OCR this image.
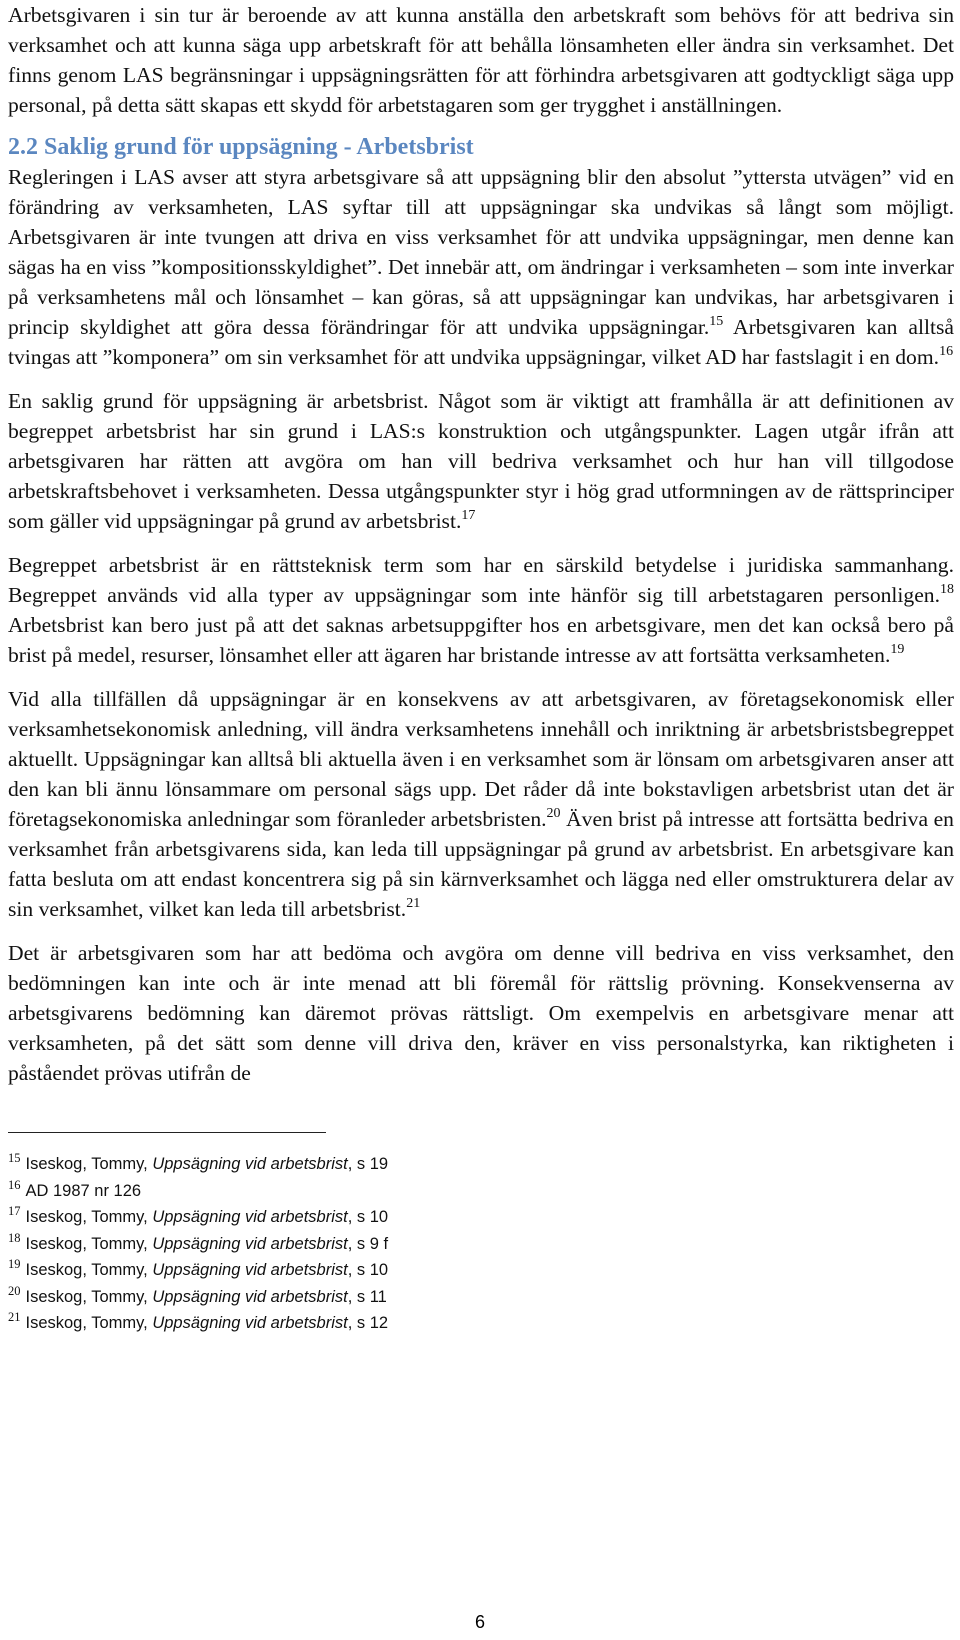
Arbetsgivaren i sin tur är beroende av att kunna anställa den arbetskraft som behövs för att bedriva sin verksamhet och att kunna säga upp arbetskraft för att behålla lönsamheten eller ändra sin verksamhet. Det finns genom LAS begränsningar i uppsägningsrätten för att förhindra arbetsgivaren att godtyckligt säga upp personal, på detta sätt skapas ett skydd för arbetstagaren som ger trygghet i anställningen.

2.2 Saklig grund för uppsägning - Arbetsbrist

Regleringen i LAS avser att styra arbetsgivare så att uppsägning blir den absolut ”yttersta utvägen” vid en förändring av verksamheten, LAS syftar till att uppsägningar ska undvikas så långt som möjligt. Arbetsgivaren är inte tvungen att driva en viss verksamhet för att undvika uppsägningar, men denne kan sägas ha en viss ”kompositionsskyldighet”. Det innebär att, om ändringar i verksamheten – som inte inverkar på verksamhetens mål och lönsamhet – kan göras, så att uppsägningar kan undvikas, har arbetsgivaren i princip skyldighet att göra dessa förändringar för att undvika uppsägningar.$^{15}$ Arbetsgivaren kan alltså tvingas att ”komponera” om sin verksamhet för att undvika uppsägningar, vilket AD har fastslagit i en dom.$^{16}$

En saklig grund för uppsägning är arbetsbrist. Något som är viktigt att framhålla är att definitionen av begreppet arbetsbrist har sin grund i LAS:s konstruktion och utgångspunkter. Lagen utgår ifrån att arbetsgivaren har rätten att avgöra om han vill bedriva verksamhet och hur han vill tillgodose arbetskraftsbehovet i verksamheten. Dessa utgångspunkter styr i hög grad utformningen av de rättsprinciper som gäller vid uppsägningar på grund av arbetsbrist.$^{17}$

Begreppet arbetsbrist är en rättsteknisk term som har en särskild betydelse i juridiska sammanhang. Begreppet används vid alla typer av uppsägningar som inte hänför sig till arbetstagaren personligen.$^{18}$ Arbetsbrist kan bero just på att det saknas arbetsuppgifter hos en arbetsgivare, men det kan också bero på brist på medel, resurser, lönsamhet eller att ägaren har bristande intresse av att fortsätta verksamheten.$^{19}$

Vid alla tillfällen då uppsägningar är en konsekvens av att arbetsgivaren, av företagsekonomisk eller verksamhetsekonomisk anledning, vill ändra verksamhetens innehåll och inriktning är arbetsbristsbegreppet aktuellt. Uppsägningar kan alltså bli aktuella även i en verksamhet som är lönsam om arbetsgivaren anser att den kan bli ännu lönsammare om personal sägs upp. Det råder då inte bokstavligen arbetsbrist utan det är företagsekonomiska anledningar som föranleder arbetsbristen.$^{20}$ Även brist på intresse att fortsätta bedriva en verksamhet från arbetsgivarens sida, kan leda till uppsägningar på grund av arbetsbrist. En arbetsgivare kan fatta besluta om att endast koncentrera sig på sin kärnverksamhet och lägga ned eller omstrukturera delar av sin verksamhet, vilket kan leda till arbetsbrist.$^{21}$

Det är arbetsgivaren som har att bedöma och avgöra om denne vill bedriva en viss verksamhet, den bedömningen kan inte och är inte menad att bli föremål för rättslig prövning. Konsekvenserna av arbetsgivarens bedömning kan däremot prövas rättsligt. Om exempelvis en arbetsgivare menar att verksamheten, på det sätt som denne vill driva den, kräver en viss personalstyrka, kan riktigheten i påståendet prövas utifrån de

$^{15}$ Iseskog, Tommy, Uppsägning vid arbetsbrist, s 19
$^{16}$ AD 1987 nr 126
$^{17}$ Iseskog, Tommy, Uppsägning vid arbetsbrist, s 10
$^{18}$ Iseskog, Tommy, Uppsägning vid arbetsbrist, s 9 f
$^{19}$ Iseskog, Tommy, Uppsägning vid arbetsbrist, s 10
$^{20}$ Iseskog, Tommy, Uppsägning vid arbetsbrist, s 11
$^{21}$ Iseskog, Tommy, Uppsägning vid arbetsbrist, s 12
6
